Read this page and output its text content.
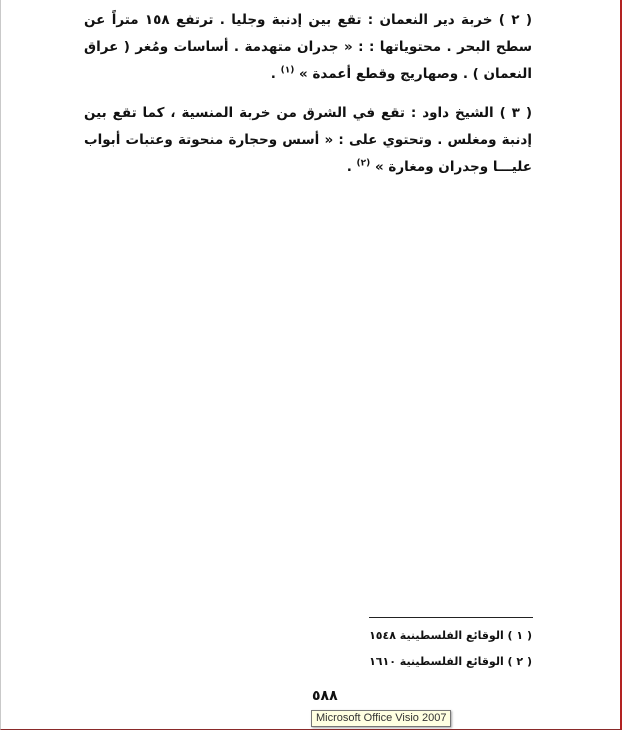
( ٢ ) خربة دير النعمان : تقع بين إدنبة وجليا . ترتفع ١٥٨ متراً عن سطح البحر . محتوياتها : : « جدران متهدمة . أساسات ومُغر ( عراق النعمان ) . وصهاريج وقطع أعمدة » $^{(١)}$ .

( ٣ ) الشيخ داود : تقع في الشرق من خربة المنسية ، كما تقع بين إدنبة ومغلس . وتحتوي على : « أسس وحجارة منحوتة وعتبات أبواب عليـــا وجدران ومغارة » $^{(٢)}$ .

( ١ ) الوقائع الفلسطينية ١٥٤٨
( ٢ ) الوقائع الفلسطينية ١٦١٠
٥٨٨
Microsoft Office Visio 2007
